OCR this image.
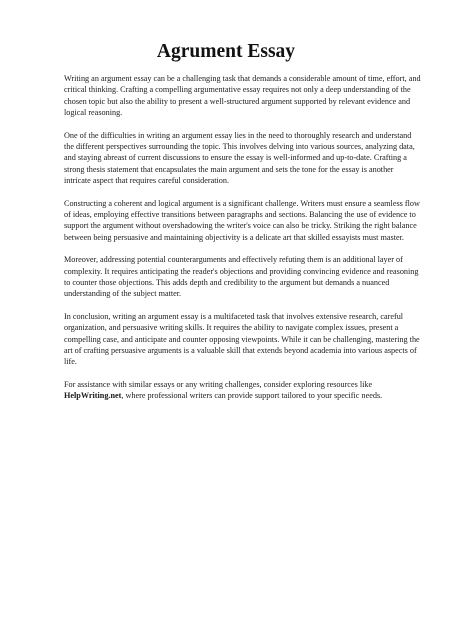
Agrument Essay

Writing an argument essay can be a challenging task that demands a considerable amount of time, effort, and critical thinking. Crafting a compelling argumentative essay requires not only a deep understanding of the chosen topic but also the ability to present a well-structured argument supported by relevant evidence and logical reasoning.

One of the difficulties in writing an argument essay lies in the need to thoroughly research and understand the different perspectives surrounding the topic. This involves delving into various sources, analyzing data, and staying abreast of current discussions to ensure the essay is well-informed and up-to-date. Crafting a strong thesis statement that encapsulates the main argument and sets the tone for the essay is another intricate aspect that requires careful consideration.

Constructing a coherent and logical argument is a significant challenge. Writers must ensure a seamless flow of ideas, employing effective transitions between paragraphs and sections. Balancing the use of evidence to support the argument without overshadowing the writer's voice can also be tricky. Striking the right balance between being persuasive and maintaining objectivity is a delicate art that skilled essayists must master.

Moreover, addressing potential counterarguments and effectively refuting them is an additional layer of complexity. It requires anticipating the reader's objections and providing convincing evidence and reasoning to counter those objections. This adds depth and credibility to the argument but demands a nuanced understanding of the subject matter.

In conclusion, writing an argument essay is a multifaceted task that involves extensive research, careful organization, and persuasive writing skills. It requires the ability to navigate complex issues, present a compelling case, and anticipate and counter opposing viewpoints. While it can be challenging, mastering the art of crafting persuasive arguments is a valuable skill that extends beyond academia into various aspects of life.

For assistance with similar essays or any writing challenges, consider exploring resources like HelpWriting.net, where professional writers can provide support tailored to your specific needs.
